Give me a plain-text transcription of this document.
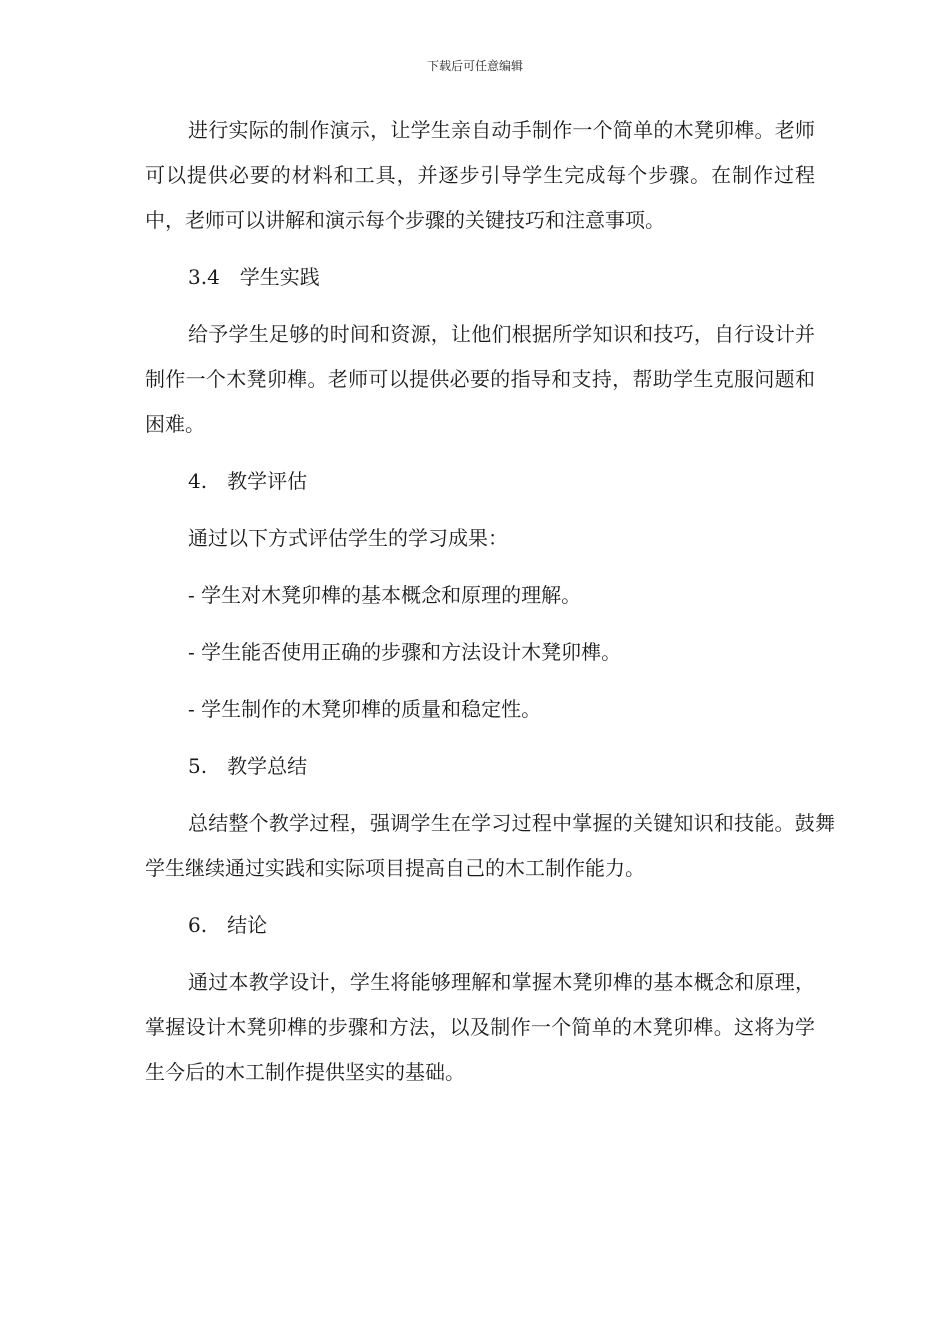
下载后可任意编辑

进行实际的制作演示，让学生亲自动手制作一个简单的木凳卯榫。老师可以提供必要的材料和工具，并逐步引导学生完成每个步骤。在制作过程中，老师可以讲解和演示每个步骤的关键技巧和注意事项。

3.4　学生实践

给予学生足够的时间和资源，让他们根据所学知识和技巧，自行设计并制作一个木凳卯榫。老师可以提供必要的指导和支持，帮助学生克服问题和困难。

4.　教学评估

通过以下方式评估学生的学习成果：

- 学生对木凳卯榫的基本概念和原理的理解。

- 学生能否使用正确的步骤和方法设计木凳卯榫。

- 学生制作的木凳卯榫的质量和稳定性。

5.　教学总结

总结整个教学过程，强调学生在学习过程中掌握的关键知识和技能。鼓舞学生继续通过实践和实际项目提高自己的木工制作能力。

6.　结论

通过本教学设计，学生将能够理解和掌握木凳卯榫的基本概念和原理，掌握设计木凳卯榫的步骤和方法，以及制作一个简单的木凳卯榫。这将为学生今后的木工制作提供坚实的基础。
